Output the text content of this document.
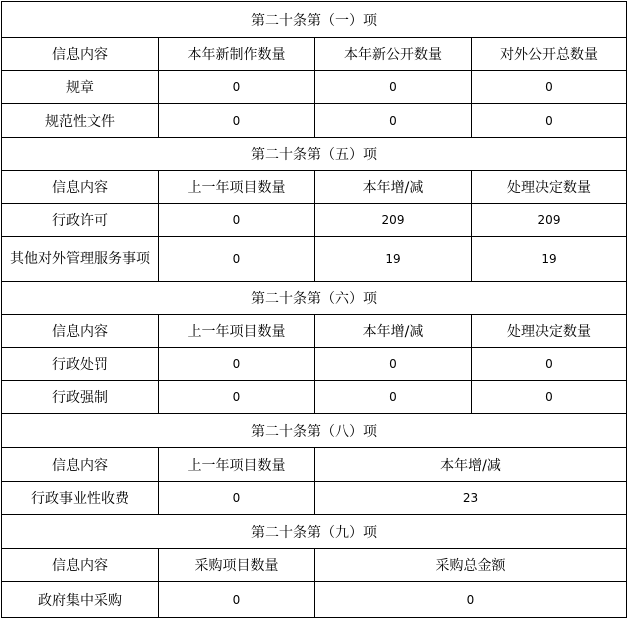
第二十条第（一）项			
信息内容	本年新制作数量	本年新公开数量	对外公开总数量
规章	0	0	0
规范性文件	0	0	0
第二十条第（五）项			
信息内容	上一年项目数量	本年增/减	处理决定数量
行政许可	0	209	209
其他对外管理服务事项	0	19	19
第二十条第（六）项			
信息内容	上一年项目数量	本年增/减	处理决定数量
行政处罚	0	0	0
行政强制	0	0	0
第二十条第（八）项			
信息内容	上一年项目数量	本年增/减	
行政事业性收费	0	23	
第二十条第（九）项			
信息内容	采购项目数量	采购总金额	
政府集中采购	0	0	
